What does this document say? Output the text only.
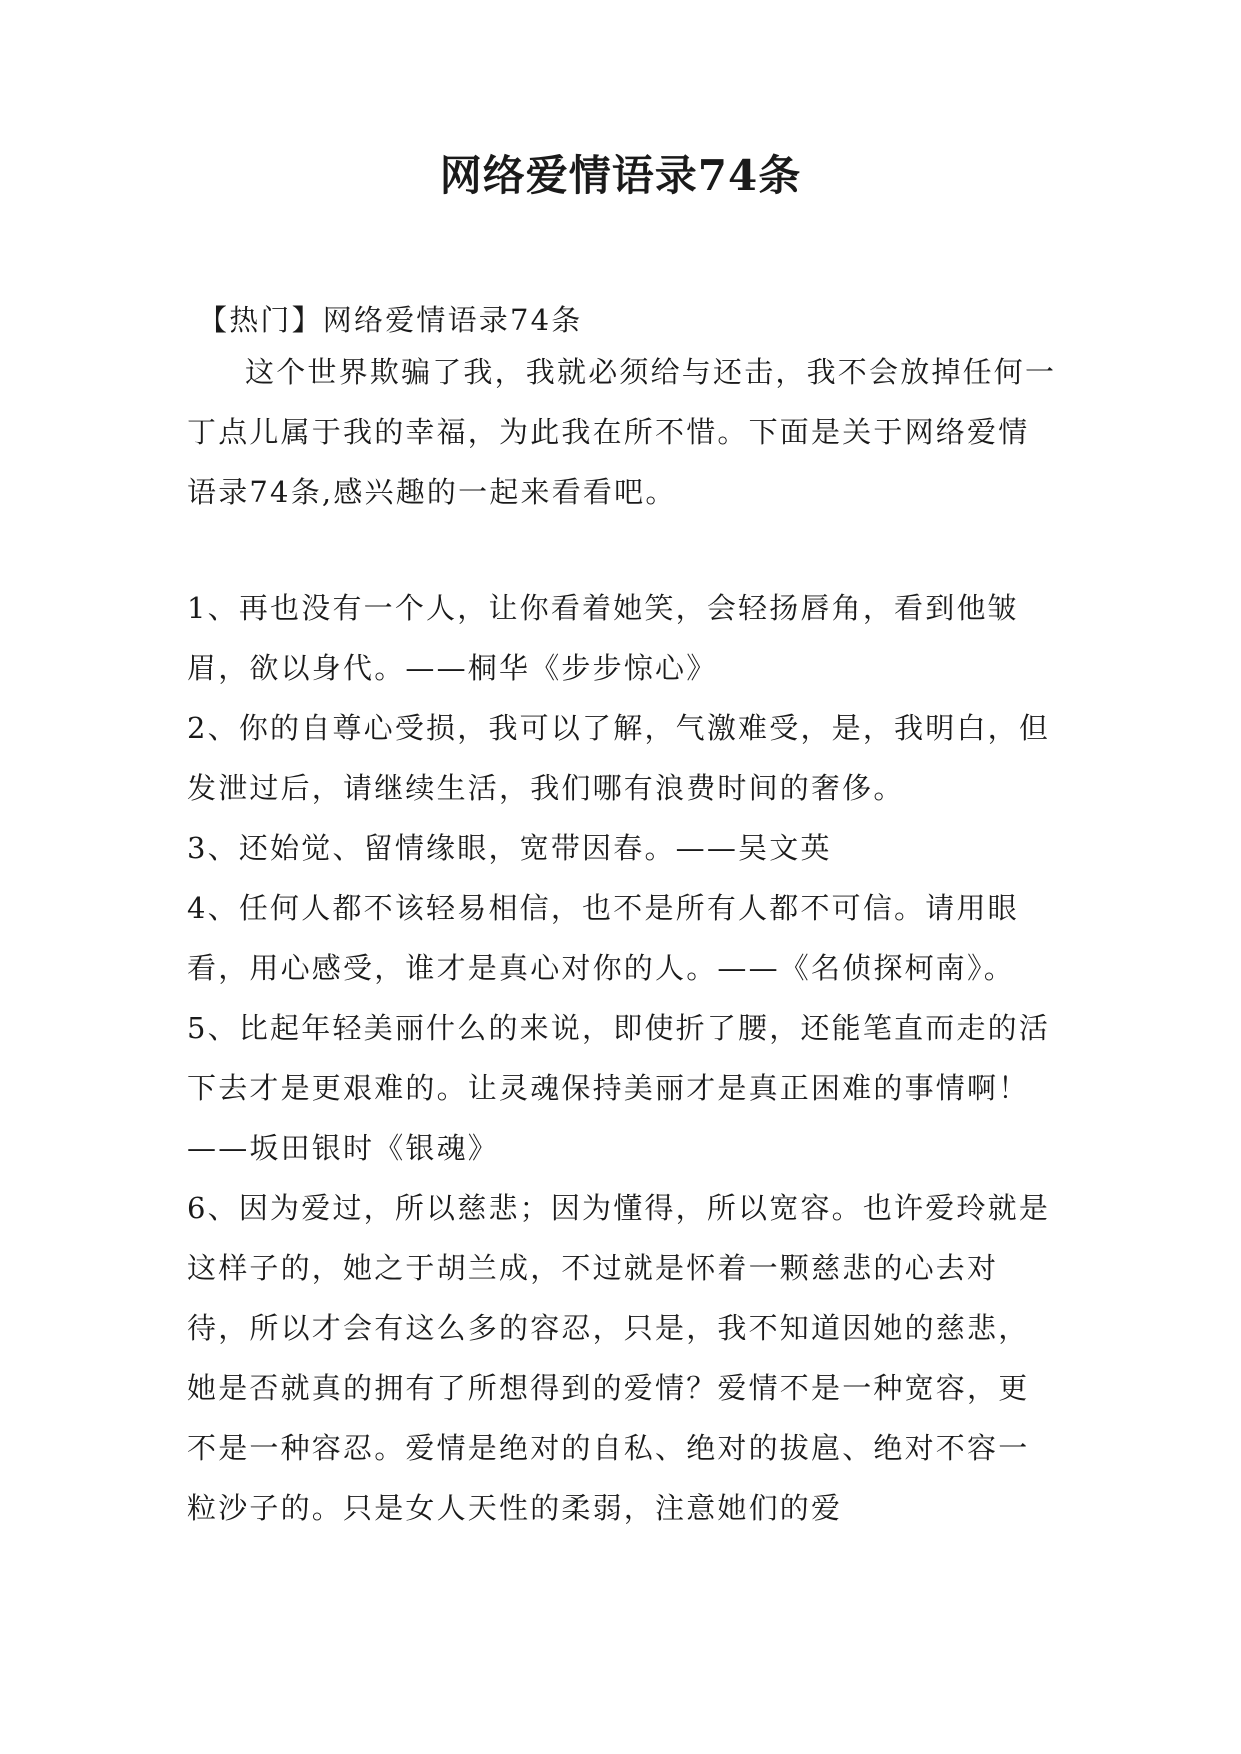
网络爱情语录74条
【热门】网络爱情语录74条
这个世界欺骗了我，我就必须给与还击，我不会放掉任何一丁点儿属于我的幸福，为此我在所不惜。下面是关于网络爱情语录74条,感兴趣的一起来看看吧。

1、再也没有一个人，让你看着她笑，会轻扬唇角，看到他皱眉，欲以身代。——桐华《步步惊心》

2、你的自尊心受损，我可以了解，气激难受，是，我明白，但发泄过后，请继续生活，我们哪有浪费时间的奢侈。

3、还始觉、留情缘眼，宽带因春。——吴文英

4、任何人都不该轻易相信，也不是所有人都不可信。请用眼看，用心感受，谁才是真心对你的人。——《名侦探柯南》。

5、比起年轻美丽什么的来说，即使折了腰，还能笔直而走的活下去才是更艰难的。让灵魂保持美丽才是真正困难的事情啊！——坂田银时《银魂》

6、因为爱过，所以慈悲；因为懂得，所以宽容。也许爱玲就是这样子的，她之于胡兰成，不过就是怀着一颗慈悲的心去对待，所以才会有这么多的容忍，只是，我不知道因她的慈悲，她是否就真的拥有了所想得到的爱情？爱情不是一种宽容，更不是一种容忍。爱情是绝对的自私、绝对的拔扈、绝对不容一粒沙子的。只是女人天性的柔弱，注意她们的爱
